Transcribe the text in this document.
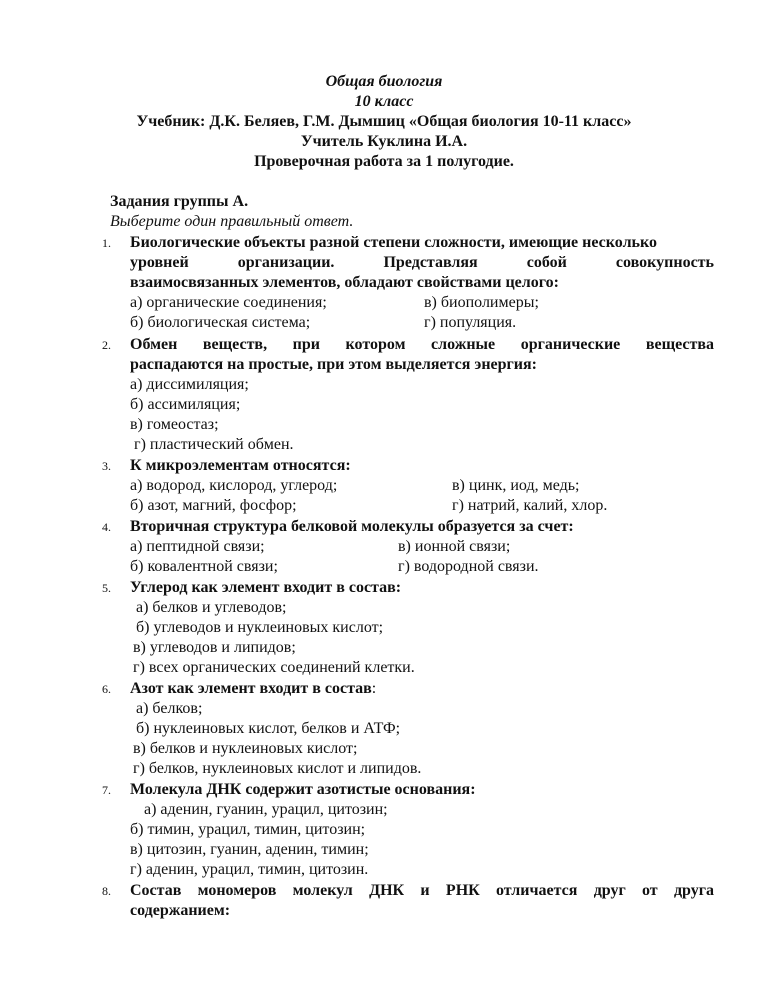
Общая биология
10 класс
Учебник: Д.К. Беляев, Г.М. Дымшиц «Общая биология 10-11 класс»
Учитель Куклина И.А.
Проверочная работа за 1 полугодие.
Задания группы А.
Выберите один правильный ответ.
1. Биологические объекты разной степени сложности, имеющие несколько
уровней организации. Представляя собой совокупность
взаимосвязанных элементов, обладают свойствами целого:
а) органические соединения;	в) биополимеры;
б) биологическая система;	г) популяция.
2. Обмен веществ, при котором сложные органические вещества
распадаются на простые, при этом выделяется энергия:
а) диссимиляция;
б) ассимиляция;
в) гомеостаз;
г) пластический обмен.
3. К микроэлементам относятся:
а) водород, кислород, углерод;	в) цинк, иод, медь;
б) азот, магний, фосфор;	г) натрий, калий, хлор.
4. Вторичная структура белковой молекулы образуется за счет:
а) пептидной связи;	в) ионной связи;
б) ковалентной связи;	г) водородной связи.
5. Углерод как элемент входит в состав:
а) белков и углеводов;
б) углеводов и нуклеиновых кислот;
в) углеводов и липидов;
г) всех органических соединений клетки.
6. Азот как элемент входит в состав:
а) белков;
б) нуклеиновых кислот, белков и АТФ;
в) белков и нуклеиновых кислот;
г) белков, нуклеиновых кислот и липидов.
7. Молекула ДНК содержит азотистые основания:
а) аденин, гуанин, урацил, цитозин;
б) тимин, урацил, тимин, цитозин;
в) цитозин, гуанин, аденин, тимин;
г) аденин, урацил, тимин, цитозин.
8. Состав мономеров молекул ДНК и РНК отличается друг от друга
содержанием:
